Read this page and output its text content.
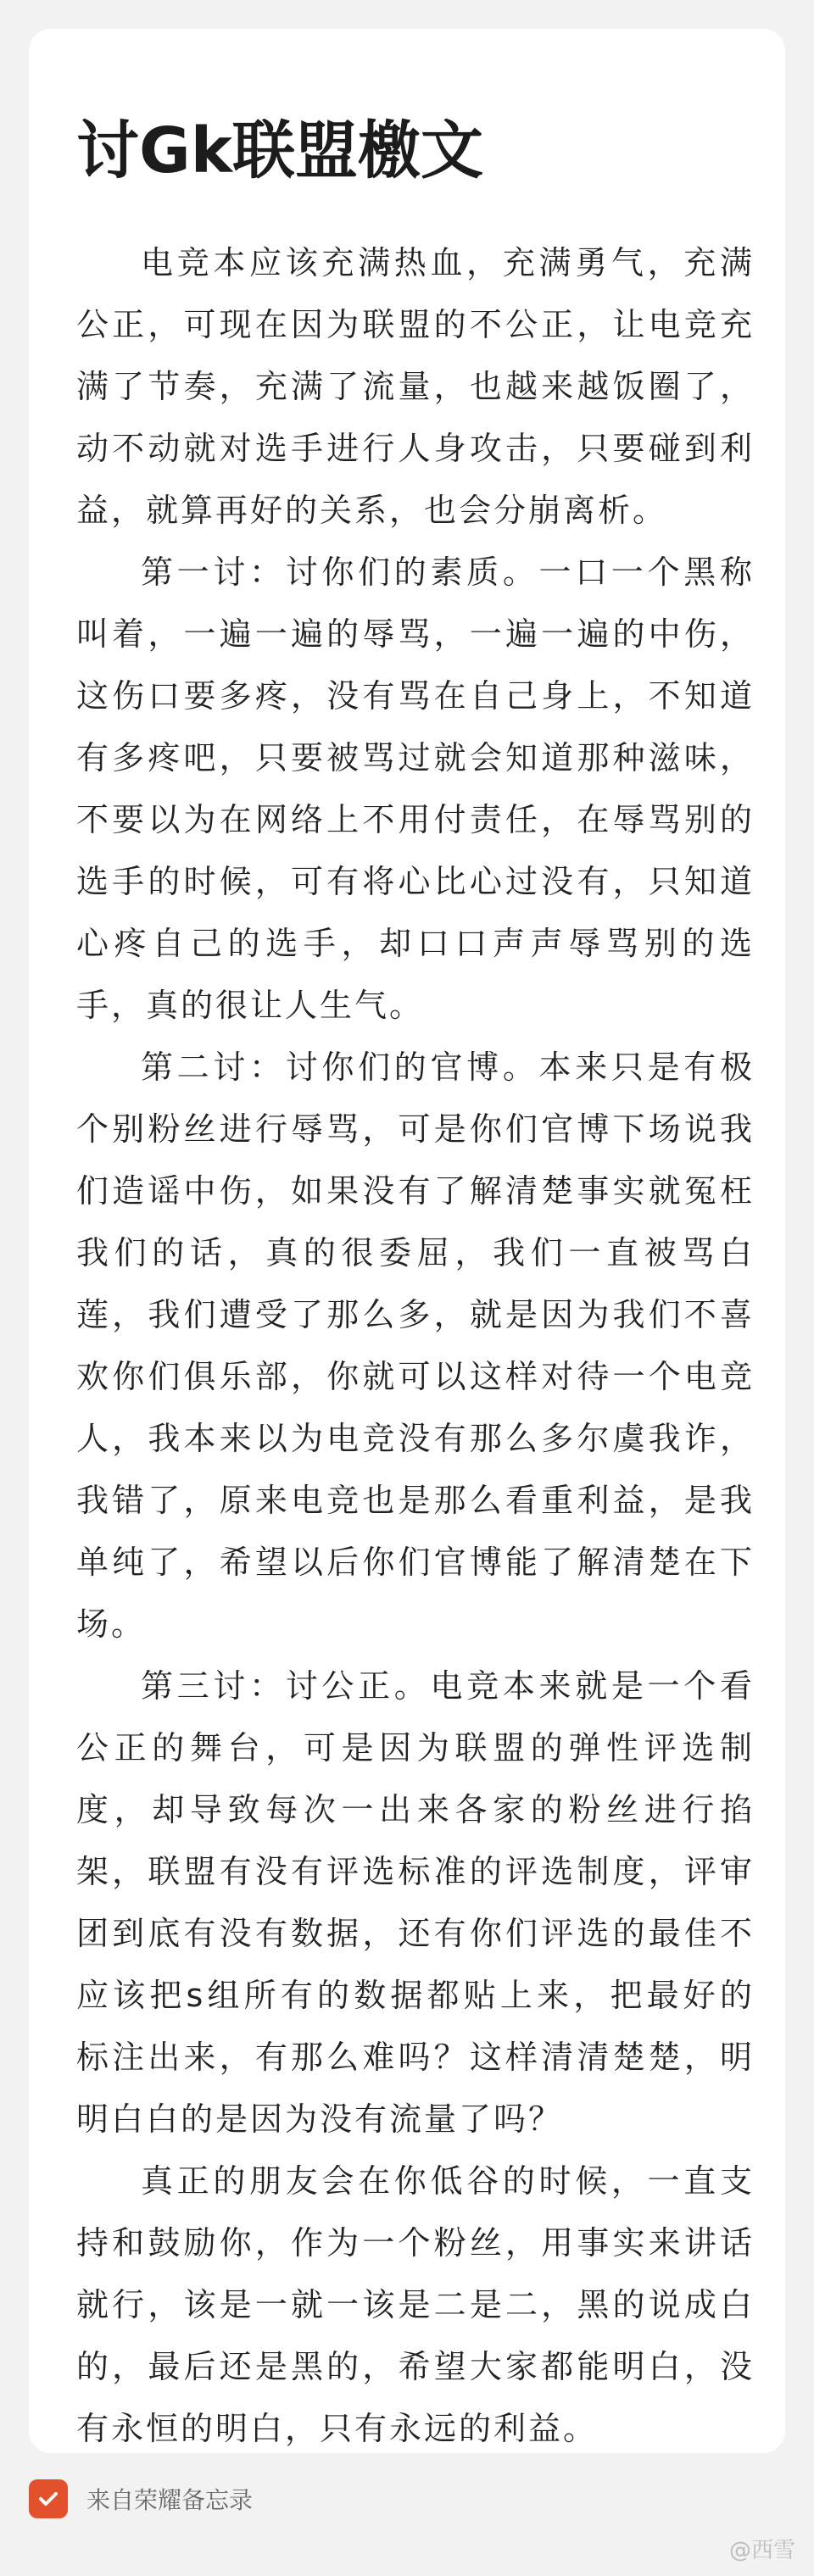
讨Gk联盟檄文

电竞本应该充满热血，充满勇气，充满公正，可现在因为联盟的不公正，让电竞充满了节奏，充满了流量，也越来越饭圈了，动不动就对选手进行人身攻击，只要碰到利益，就算再好的关系，也会分崩离析。

第一讨：讨你们的素质。一口一个黑称叫着，一遍一遍的辱骂，一遍一遍的中伤，这伤口要多疼，没有骂在自己身上，不知道有多疼吧，只要被骂过就会知道那种滋味，不要以为在网络上不用付责任，在辱骂别的选手的时候，可有将心比心过没有，只知道心疼自己的选手，却口口声声辱骂别的选手，真的很让人生气。

第二讨：讨你们的官博。本来只是有极个别粉丝进行辱骂，可是你们官博下场说我们造谣中伤，如果没有了解清楚事实就冤枉我们的话，真的很委屈，我们一直被骂白莲，我们遭受了那么多，就是因为我们不喜欢你们俱乐部，你就可以这样对待一个电竞人，我本来以为电竞没有那么多尔虞我诈，我错了，原来电竞也是那么看重利益，是我单纯了，希望以后你们官博能了解清楚在下场。

第三讨：讨公正。电竞本来就是一个看公正的舞台，可是因为联盟的弹性评选制度，却导致每次一出来各家的粉丝进行掐架，联盟有没有评选标准的评选制度，评审团到底有没有数据，还有你们评选的最佳不应该把s组所有的数据都贴上来，把最好的标注出来，有那么难吗？这样清清楚楚，明明白白的是因为没有流量了吗？

真正的朋友会在你低谷的时候，一直支持和鼓励你，作为一个粉丝，用事实来讲话就行，该是一就一该是二是二，黑的说成白的，最后还是黑的，希望大家都能明白，没有永恒的明白，只有永远的利益。

来自荣耀备忘录
@西雪
